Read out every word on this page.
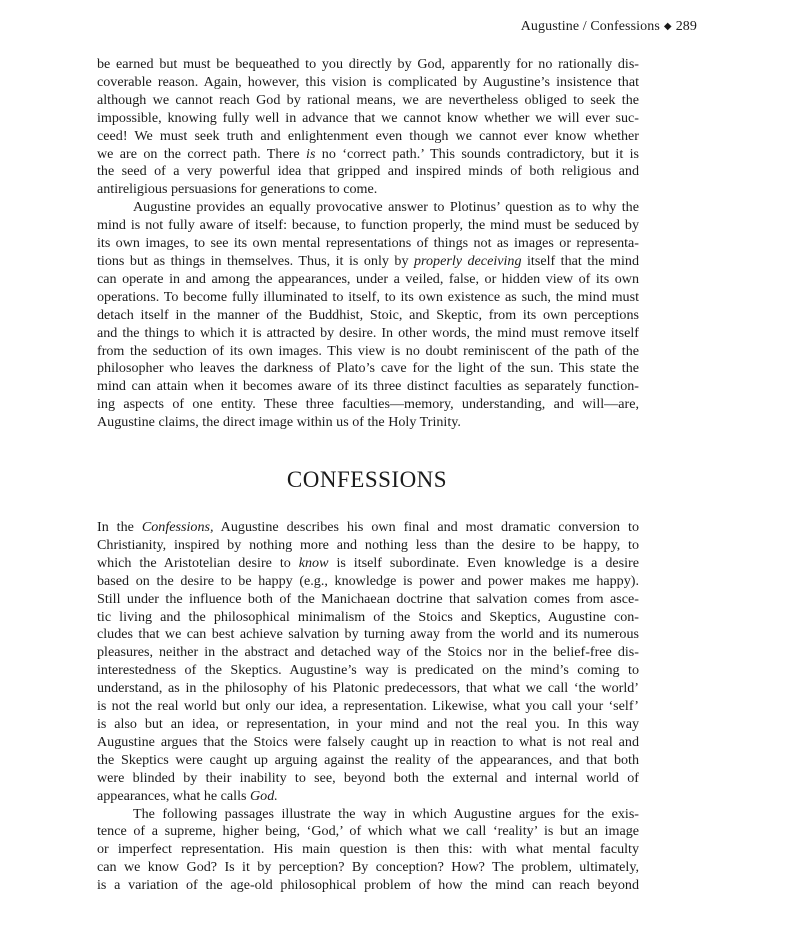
Augustine / Confessions ◆ 289
be earned but must be bequeathed to you directly by God, apparently for no rationally dis-
coverable reason. Again, however, this vision is complicated by Augustine’s insistence that
although we cannot reach God by rational means, we are nevertheless obliged to seek the
impossible, knowing fully well in advance that we cannot know whether we will ever suc-
ceed! We must seek truth and enlightenment even though we cannot ever know whether
we are on the correct path. There is no ‘correct path.’ This sounds contradictory, but it is
the seed of a very powerful idea that gripped and inspired minds of both religious and
antireligious persuasions for generations to come.
Augustine provides an equally provocative answer to Plotinus’ question as to why the
mind is not fully aware of itself: because, to function properly, the mind must be seduced by
its own images, to see its own mental representations of things not as images or representa-
tions but as things in themselves. Thus, it is only by properly deceiving itself that the mind
can operate in and among the appearances, under a veiled, false, or hidden view of its own
operations. To become fully illuminated to itself, to its own existence as such, the mind must
detach itself in the manner of the Buddhist, Stoic, and Skeptic, from its own perceptions
and the things to which it is attracted by desire. In other words, the mind must remove itself
from the seduction of its own images. This view is no doubt reminiscent of the path of the
philosopher who leaves the darkness of Plato’s cave for the light of the sun. This state the
mind can attain when it becomes aware of its three distinct faculties as separately function-
ing aspects of one entity. These three faculties—memory, understanding, and will—are,
Augustine claims, the direct image within us of the Holy Trinity.
CONFESSIONS
In the Confessions, Augustine describes his own final and most dramatic conversion to
Christianity, inspired by nothing more and nothing less than the desire to be happy, to
which the Aristotelian desire to know is itself subordinate. Even knowledge is a desire
based on the desire to be happy (e.g., knowledge is power and power makes me happy).
Still under the influence both of the Manichaean doctrine that salvation comes from asce-
tic living and the philosophical minimalism of the Stoics and Skeptics, Augustine con-
cludes that we can best achieve salvation by turning away from the world and its numerous
pleasures, neither in the abstract and detached way of the Stoics nor in the belief-free dis-
interestedness of the Skeptics. Augustine’s way is predicated on the mind’s coming to
understand, as in the philosophy of his Platonic predecessors, that what we call ‘the world’
is not the real world but only our idea, a representation. Likewise, what you call your ‘self’
is also but an idea, or representation, in your mind and not the real you. In this way
Augustine argues that the Stoics were falsely caught up in reaction to what is not real and
the Skeptics were caught up arguing against the reality of the appearances, and that both
were blinded by their inability to see, beyond both the external and internal world of
appearances, what he calls God.
The following passages illustrate the way in which Augustine argues for the exis-
tence of a supreme, higher being, ‘God,’ of which what we call ‘reality’ is but an image
or imperfect representation. His main question is then this: with what mental faculty
can we know God? Is it by perception? By conception? How? The problem, ultimately,
is a variation of the age-old philosophical problem of how the mind can reach beyond
